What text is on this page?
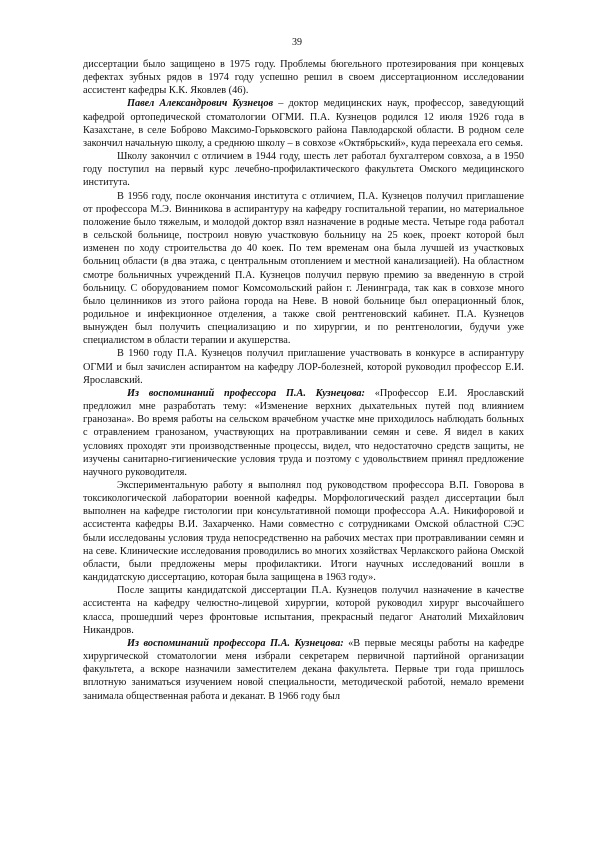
39

диссертации было защищено в 1975 году. Проблемы бюгельного протезирования при концевых дефектах зубных рядов в 1974 году успешно решил в своем диссертационном исследовании ассистент кафедры К.К. Яковлев (46).

Павел Александрович Кузнецов – доктор медицинских наук, профессор, заведующий кафедрой ортопедической стоматологии ОГМИ. П.А. Кузнецов родился 12 июля 1926 года в Казахстане, в селе Боброво Максимо-Горьковского района Павлодарской области. В родном селе закончил начальную школу, а среднюю школу – в совхозе «Октябрьский», куда переехала его семья.

Школу закончил с отличием в 1944 году, шесть лет работал бухгалтером совхоза, а в 1950 году поступил на первый курс лечебно-профилактического факультета Омского медицинского института.

В 1956 году, после окончания института с отличием, П.А. Кузнецов получил приглашение от профессора М.Э. Винникова в аспирантуру на кафедру госпитальной терапии, но материальное положение было тяжелым, и молодой доктор взял назначение в родные места. Четыре года работал в сельской больнице, построил новую участковую больницу на 25 коек, проект которой был изменен по ходу строительства до 40 коек. По тем временам она была лучшей из участковых больниц области (в два этажа, с центральным отоплением и местной канализацией). На областном смотре больничных учреждений П.А. Кузнецов получил первую премию за введенную в строй больницу. С оборудованием помог Комсомольский район г. Ленинграда, так как в совхозе много было целинников из этого района города на Неве. В новой больнице был операционный блок, родильное и инфекционное отделения, а также свой рентгеновский кабинет. П.А. Кузнецов вынужден был получить специализацию и по хирургии, и по рентгенологии, будучи уже специалистом в области терапии и акушерства.

В 1960 году П.А. Кузнецов получил приглашение участвовать в конкурсе в аспирантуру ОГМИ и был зачислен аспирантом на кафедру ЛОР-болезней, которой руководил профессор Е.И. Ярославский.

Из воспоминаний профессора П.А. Кузнецова: «Профессор Е.И. Ярославский предложил мне разработать тему: «Изменение верхних дыхательных путей под влиянием гранозана». Во время работы на сельском врачебном участке мне приходилось наблюдать больных с отравлением гранозаном, участвующих на протравливании семян и севе. Я видел в каких условиях проходят эти производственные процессы, видел, что недостаточно средств защиты, не изучены санитарно-гигиенические условия труда и поэтому с удовольствием принял предложение научного руководителя.

Экспериментальную работу я выполнял под руководством профессора В.П. Говорова в токсикологической лаборатории военной кафедры. Морфологический раздел диссертации был выполнен на кафедре гистологии при консультативной помощи профессора А.А. Никифоровой и ассистента кафедры В.И. Захарченко. Нами совместно с сотрудниками Омской областной СЭС были исследованы условия труда непосредственно на рабочих местах при протравливании семян и на севе. Клинические исследования проводились во многих хозяйствах Черлакского района Омской области, были предложены меры профилактики. Итоги научных исследований вошли в кандидатскую диссертацию, которая была защищена в 1963 году».

После защиты кандидатской диссертации П.А. Кузнецов получил назначение в качестве ассистента на кафедру челюстно-лицевой хирургии, которой руководил хирург высочайшего класса, прошедший через фронтовые испытания, прекрасный педагог Анатолий Михайлович Никандров.

Из воспоминаний профессора П.А. Кузнецова: «В первые месяцы работы на кафедре хирургической стоматологии меня избрали секретарем первичной партийной организации факультета, а вскоре назначили заместителем декана факультета. Первые три года пришлось вплотную заниматься изучением новой специальности, методической работой, немало времени занимала общественная работа и деканат. В 1966 году был
